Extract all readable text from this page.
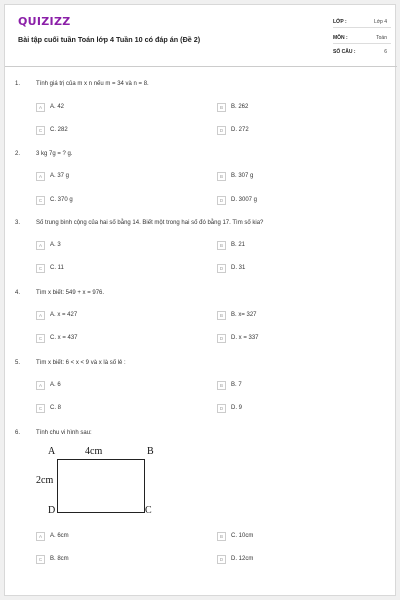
QUIZIZZ
Bài tập cuối tuần Toán lớp 4 Tuần 10 có đáp án (Đề 2)
LỚP :	Lớp 4
MÔN :	Toán
SỐ CÂU :	6
1.	Tính giá trị của m x n nếu m = 34 và n = 8.
A	A. 42	B	B. 262
C	C. 282	D	D. 272
2.	3 kg 7g = ? g.
A	A. 37 g	B	B. 307 g
C	C. 370 g	D	D. 3007 g
3.	Số trung bình cộng của hai số bằng 14. Biết một trong hai số đó bằng 17. Tìm số kia?
A	A. 3	B	B. 21
C	C. 11	D	D. 31
4.	Tìm x biết: 549 + x = 976.
A	A. x = 427	B	B. x= 327
C	C. x = 437	D	D. x = 337
5.	Tìm x biết: 6 < x < 9 và x là số lẻ :
A	A. 6	B	B. 7
C	C. 8	D	D. 9
6.	Tính chu vi hình sau:
A	A. 6cm	B	C. 10cm
C	B. 8cm	D	D. 12cm
A	4cm	B
2cm
D	C
